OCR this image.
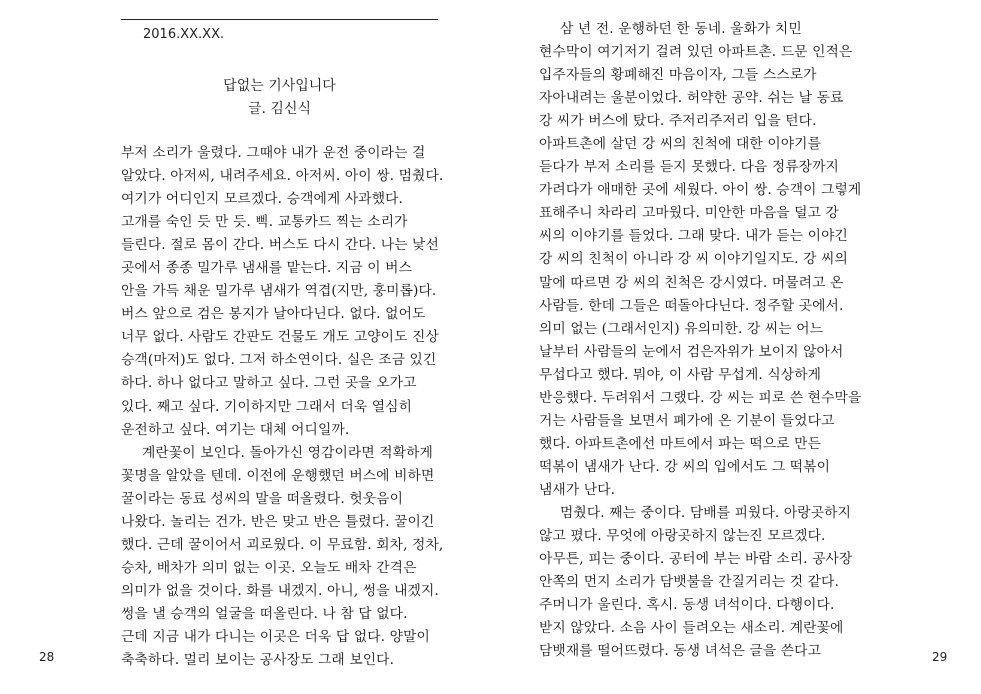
2016.XX.XX.
답없는 기사입니다
글. 김신식
부저 소리가 울렸다. 그때야 내가 운전 중이라는 걸
알았다. 아저씨, 내려주세요. 아저씨. 아이 쌍. 멈췄다.
여기가 어디인지 모르겠다. 승객에게 사과했다.
고개를 숙인 듯 만 듯. 삑. 교통카드 찍는 소리가
들린다. 절로 몸이 간다. 버스도 다시 간다. 나는 낯선
곳에서 종종 밀가루 냄새를 맡는다. 지금 이 버스
안을 가득 채운 밀가루 냄새가 역겹(지만, 훙미롭)다.
버스 앞으로 검은 봉지가 날아다닌다. 없다. 없어도
너무 없다. 사람도 간판도 건물도 개도 고양이도 진상
승객(마저)도 없다. 그저 하소연이다. 실은 조금 있긴
하다. 하나 없다고 말하고 싶다. 그런 곳을 오가고
있다. 째고 싶다. 기이하지만 그래서 더욱 열심히
운전하고 싶다. 여기는 대체 어디일까.
계란꽃이 보인다. 돌아가신 영감이라면 적확하게
꽃명을 알았을 텐데. 이전에 운행했던 버스에 비하면
꿀이라는 동료 성씨의 말을 떠올렸다. 헛웃음이
나왔다. 놀리는 건가. 반은 맞고 반은 틀렸다. 꿀이긴
했다. 근데 꿀이어서 괴로웠다. 이 무료함. 회차, 정차,
승차, 배차가 의미 없는 이곳. 오늘도 배차 간격은
의미가 없을 것이다. 화를 내겠지. 아니, 썽을 내겠지.
썽을 낼 승객의 얼굴을 떠올린다. 나 참 답 없다.
근데 지금 내가 다니는 이곳은 더욱 답 없다. 양말이
축축하다. 멀리 보이는 공사장도 그래 보인다.
28
삼 년 전. 운행하던 한 동네. 울화가 치민
현수막이 여기저기 걸려 있던 아파트촌. 드문 인적은
입주자들의 황폐해진 마음이자, 그들 스스로가
자아내려는 울분이었다. 허약한 공약. 쉬는 날 동료
강 씨가 버스에 탔다. 주저리주저리 입을 턴다.
아파트촌에 살던 강 씨의 친척에 대한 이야기를
듣다가 부저 소리를 듣지 못했다. 다음 정류장까지
가려다가 애매한 곳에 세웠다. 아이 쌍. 승객이 그렇게
표해주니 차라리 고마웠다. 미안한 마음을 덜고 강
씨의 이야기를 들었다. 그래 맞다. 내가 듣는 이야긴
강 씨의 친척이 아니라 강 씨 이야기일지도. 강 씨의
말에 따르면 강 씨의 친척은 강시였다. 머물려고 온
사람들. 한데 그들은 떠돌아다닌다. 정주할 곳에서.
의미 없는 (그래서인지) 유의미한. 강 씨는 어느
날부터 사람들의 눈에서 검은자위가 보이지 않아서
무섭다고 했다. 뭐야, 이 사람 무섭게. 식상하게
반응했다. 두려워서 그랬다. 강 씨는 피로 쓴 현수막을
거는 사람들을 보면서 폐가에 온 기분이 들었다고
했다. 아파트촌에선 마트에서 파는 떡으로 만든
떡볶이 냄새가 난다. 강 씨의 입에서도 그 떡볶이
냄새가 난다.
멈췄다. 째는 중이다. 담배를 피웠다. 아랑곳하지
않고 폈다. 무엇에 아랑곳하지 않는진 모르겠다.
아무튼, 피는 중이다. 공터에 부는 바람 소리. 공사장
안쪽의 먼지 소리가 담뱃불을 간질거리는 것 같다.
주머니가 울린다. 혹시. 동생 녀석이다. 다행이다.
받지 않았다. 소음 사이 들려오는 새소리. 계란꽃에
담뱃재를 떨어뜨렸다. 동생 녀석은 글을 쓴다고	29
